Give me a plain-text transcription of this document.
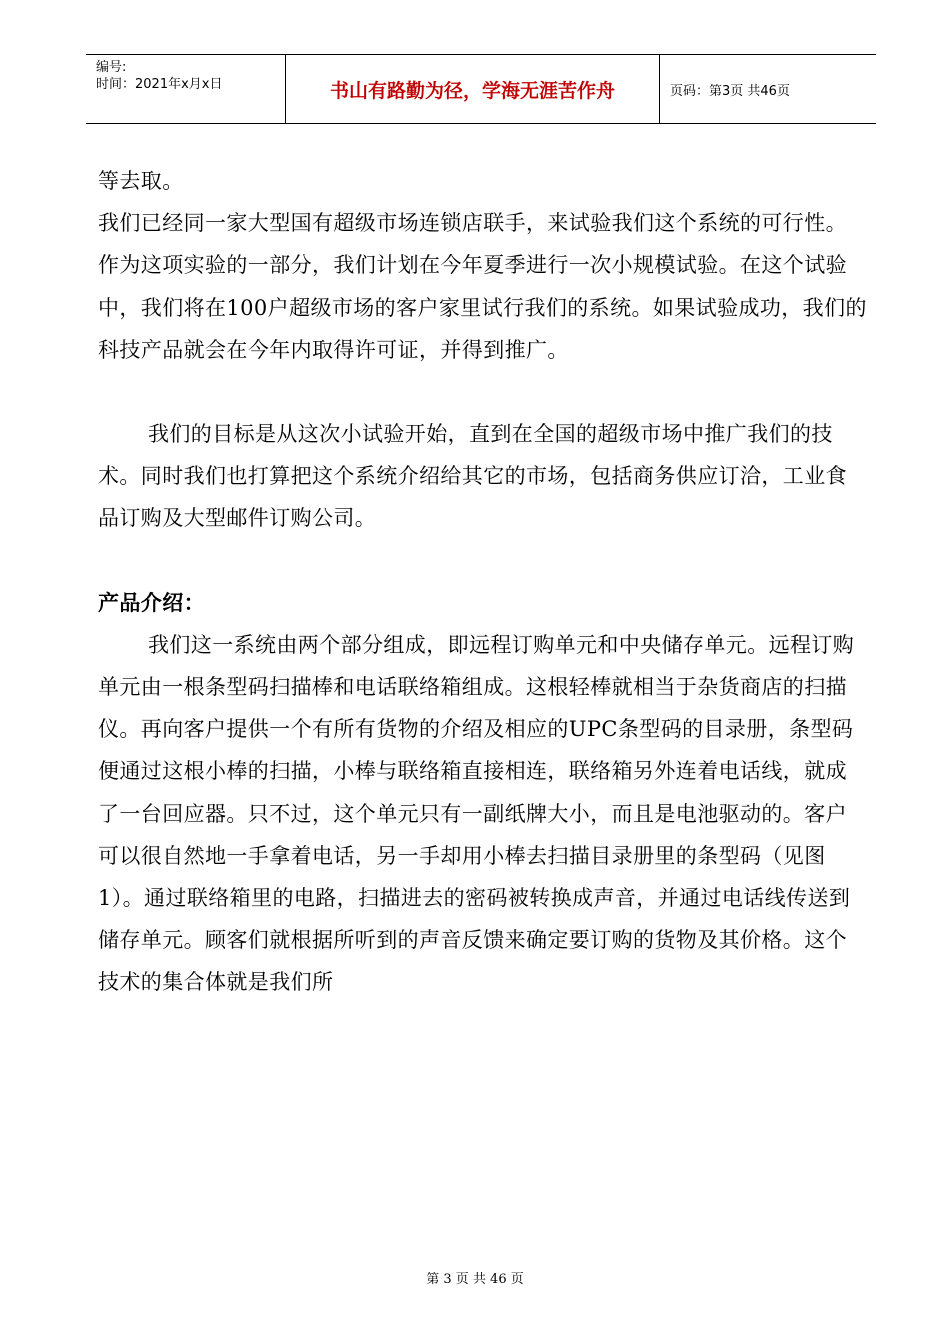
编号:
时间：2021年x月x日	书山有路勤为径，学海无涯苦作舟	页码：第3页 共46页

等去取。

我们已经同一家大型国有超级市场连锁店联手，来试验我们这个系统的可行性。作为这项实验的一部分，我们计划在今年夏季进行一次小规模试验。在这个试验中，我们将在100户超级市场的客户家里试行我们的系统。如果试验成功，我们的科技产品就会在今年内取得许可证，并得到推广。

我们的目标是从这次小试验开始，直到在全国的超级市场中推广我们的技术。同时我们也打算把这个系统介绍给其它的市场，包括商务供应订洽，工业食品订购及大型邮件订购公司。

产品介绍：

我们这一系统由两个部分组成，即远程订购单元和中央储存单元。远程订购单元由一根条型码扫描棒和电话联络箱组成。这根轻棒就相当于杂货商店的扫描仪。再向客户提供一个有所有货物的介绍及相应的UPC条型码的目录册，条型码便通过这根小棒的扫描，小棒与联络箱直接相连，联络箱另外连着电话线，就成了一台回应器。只不过，这个单元只有一副纸牌大小，而且是电池驱动的。客户可以很自然地一手拿着电话，另一手却用小棒去扫描目录册里的条型码（见图1）。通过联络箱里的电路，扫描进去的密码被转换成声音，并通过电话线传送到储存单元。顾客们就根据所听到的声音反馈来确定要订购的货物及其价格。这个技术的集合体就是我们所

第 3 页 共 46 页
